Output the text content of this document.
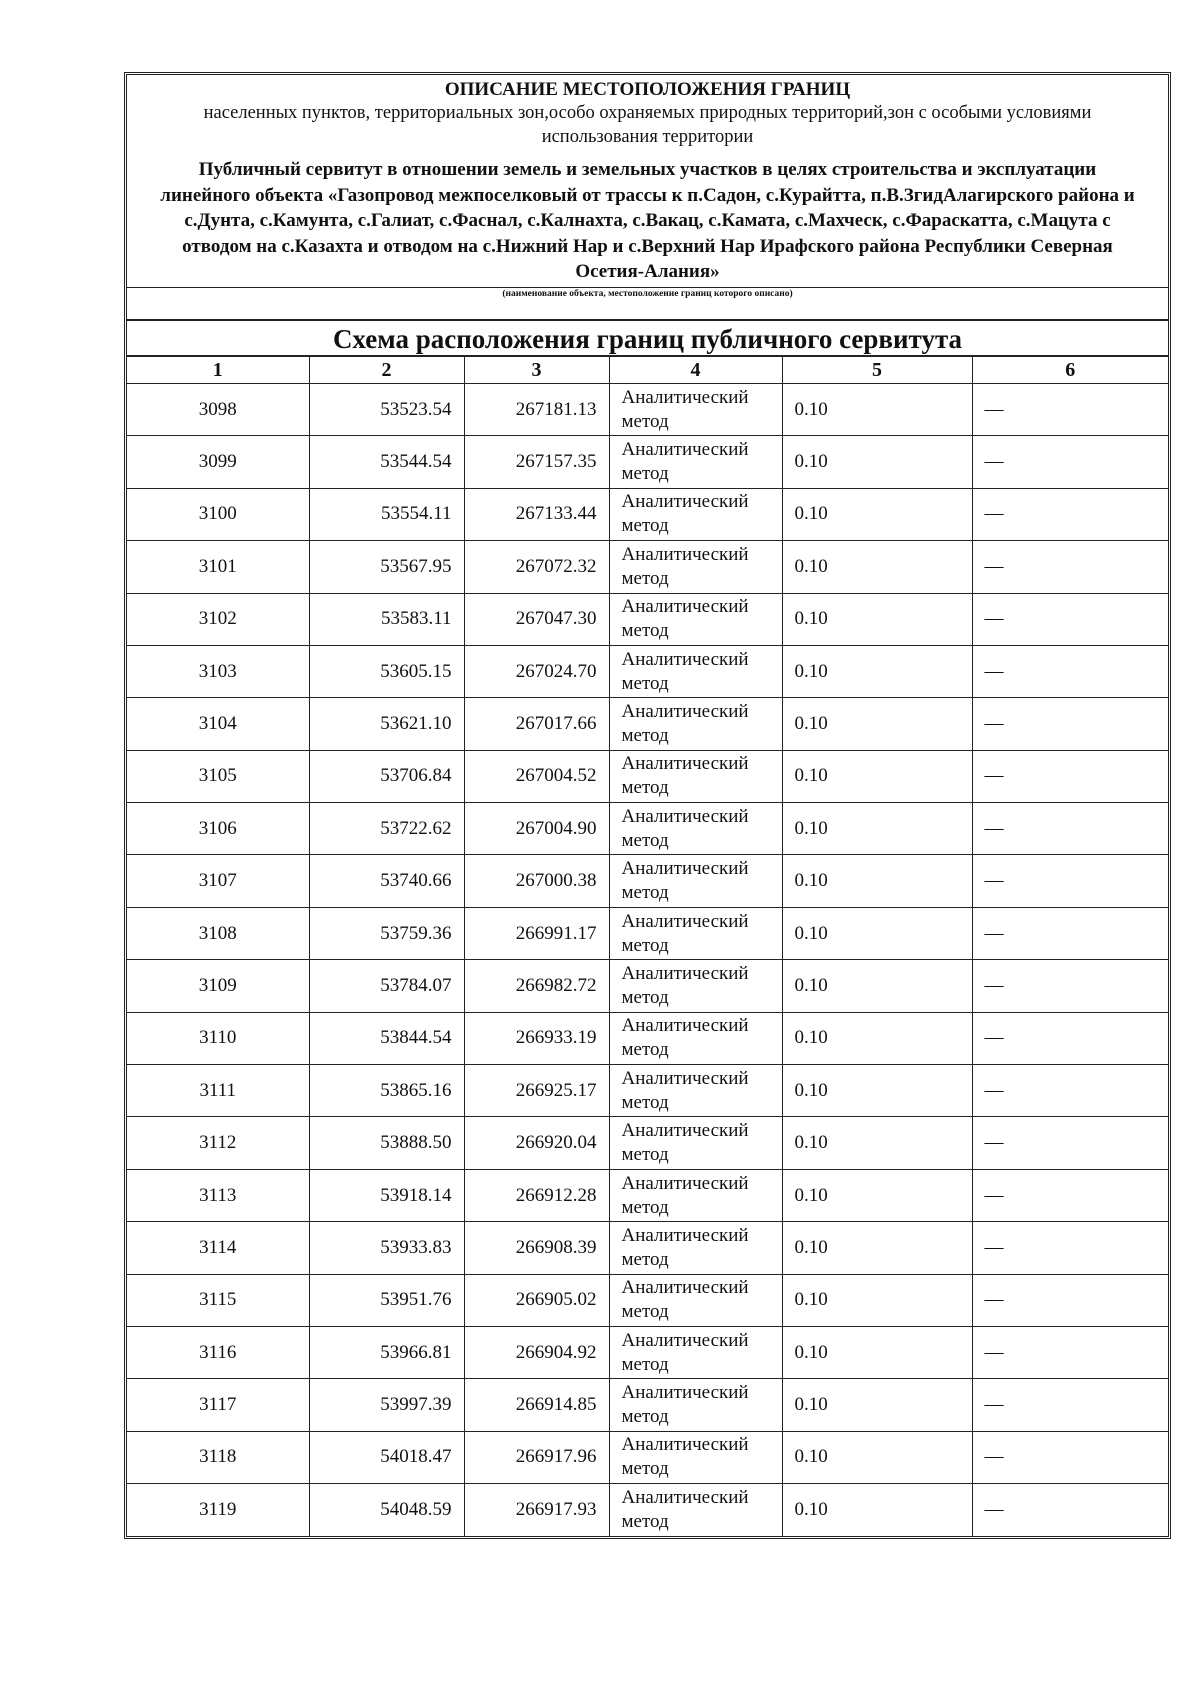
ОПИСАНИЕ МЕСТОПОЛОЖЕНИЯ ГРАНИЦ
населенных пунктов, территориальных зон,особо охраняемых природных территорий,зон с особыми условиями использования территории
Публичный сервитут в отношении земель и земельных участков в целях строительства и эксплуатации линейного объекта «Газопровод межпоселковый от трассы к п.Садон, с.Курайтта, п.В.ЗгидАлагирского района и с.Дунта, с.Камунта, с.Галиат, с.Фаснал, с.Калнахта, с.Вакац, с.Камата, с.Махческ, с.Фараскатта, с.Мацута с отводом на с.Казахта и отводом на с.Нижний Нар и с.Верхний Нар Ирафского района Республики Северная Осетия-Алания»
(наименование объекта, местоположение границ которого описано)
Схема расположения границ публичного сервитута
1	2	3	4	5	6
3098	53523.54	267181.13	Аналитический метод	0.10	—
3099	53544.54	267157.35	Аналитический метод	0.10	—
3100	53554.11	267133.44	Аналитический метод	0.10	—
3101	53567.95	267072.32	Аналитический метод	0.10	—
3102	53583.11	267047.30	Аналитический метод	0.10	—
3103	53605.15	267024.70	Аналитический метод	0.10	—
3104	53621.10	267017.66	Аналитический метод	0.10	—
3105	53706.84	267004.52	Аналитический метод	0.10	—
3106	53722.62	267004.90	Аналитический метод	0.10	—
3107	53740.66	267000.38	Аналитический метод	0.10	—
3108	53759.36	266991.17	Аналитический метод	0.10	—
3109	53784.07	266982.72	Аналитический метод	0.10	—
3110	53844.54	266933.19	Аналитический метод	0.10	—
3111	53865.16	266925.17	Аналитический метод	0.10	—
3112	53888.50	266920.04	Аналитический метод	0.10	—
3113	53918.14	266912.28	Аналитический метод	0.10	—
3114	53933.83	266908.39	Аналитический метод	0.10	—
3115	53951.76	266905.02	Аналитический метод	0.10	—
3116	53966.81	266904.92	Аналитический метод	0.10	—
3117	53997.39	266914.85	Аналитический метод	0.10	—
3118	54018.47	266917.96	Аналитический метод	0.10	—
3119	54048.59	266917.93	Аналитический метод	0.10	—
